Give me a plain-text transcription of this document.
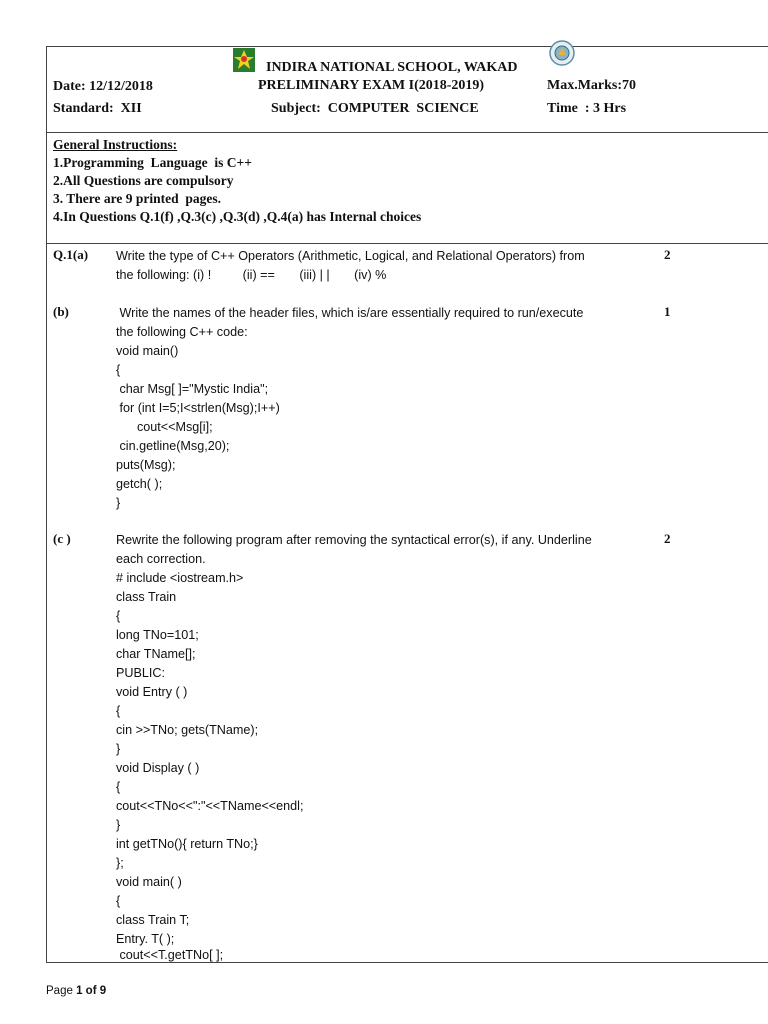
INDIRA NATIONAL SCHOOL, WAKAD
PRELIMINARY EXAM I(2018-2019)
Date: 12/12/2018	Max.Marks:70
Standard:  XII	Subject:  COMPUTER  SCIENCE	Time  : 3 Hrs
General Instructions:
1.Programming  Language  is C++
2.All Questions are compulsory
3. There are 9 printed  pages.
4.In Questions Q.1(f) ,Q.3(c) ,Q.3(d) ,Q.4(a) has Internal choices
Q.1(a)	2
Write the type of C++ Operators (Arithmetic, Logical, and Relational Operators) from
the following: (i) !         (ii) ==       (iii) | |       (iv) %
(b)	1
Write the names of the header files, which is/are essentially required to run/execute
the following C++ code:
void main()
{
char Msg[ ]="Mystic India";
for (int I=5;I<strlen(Msg);I++)
cout<<Msg[i];
cin.getline(Msg,20);
puts(Msg);
getch( );
}
(c )	2
Rewrite the following program after removing the syntactical error(s), if any. Underline
each correction.
# include <iostream.h>
class Train
{
long TNo=101;
char TName[];
PUBLIC:
void Entry ( )
{
cin >>TNo; gets(TName);
}
void Display ( )
{
cout<<TNo<<":"<<TName<<endl;
}
int getTNo(){ return TNo;}
};
void main( )
{
class Train T;
Entry. T( );
cout<<T.getTNo[ ];
Page 1 of 9
